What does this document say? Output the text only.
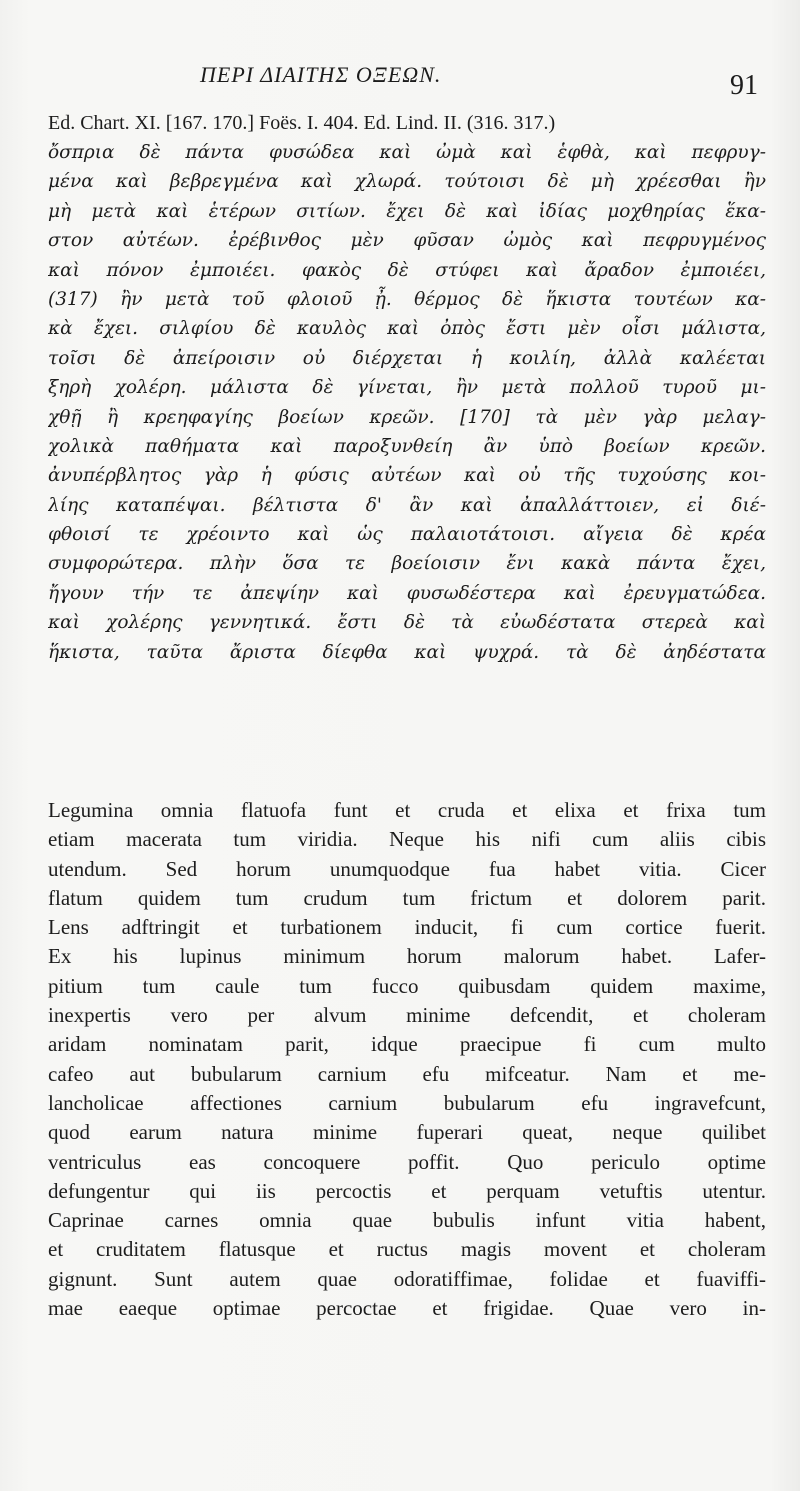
ΠΕΡΙ ΔΙΑΙΤΗΣ ΟΞΕΩΝ.	91
Ed. Chart. XI. [167. 170.] Foës. I. 404. Ed. Lind. II. (316. 317.)
ὄσπρια δὲ πάντα φυσώδεα καὶ ὠμὰ καὶ ἑφθὰ, καὶ πεφρυγ-
μένα καὶ βεβρεγμένα καὶ χλωρά. τούτοισι δὲ μὴ χρέεσθαι ἢν
μὴ μετὰ καὶ ἑτέρων σιτίων. ἔχει δὲ καὶ ἰδίας μοχθηρίας ἕκα-
στον αὐτέων. ἐρέβινθος μὲν φῦσαν ὠμὸς καὶ πεφρυγμένος
καὶ πόνον ἐμποιέει. φακὸς δὲ στύφει καὶ ἄραδον ἐμποιέει,
(317) ἢν μετὰ τοῦ φλοιοῦ ᾖ. θέρμος δὲ ἥκιστα τουτέων κα-
κὰ ἔχει. σιλφίου δὲ καυλὸς καὶ ὀπὸς ἔστι μὲν οἷσι μάλιστα,
τοῖσι δὲ ἀπείροισιν οὐ διέρχεται ἡ κοιλίη, ἀλλὰ καλέεται
ξηρὴ χολέρη. μάλιστα δὲ γίνεται, ἢν μετὰ πολλοῦ τυροῦ μι-
χθῇ ἢ κρεηφαγίης βοείων κρεῶν. [170] τὰ μὲν γὰρ μελαγ-
χολικὰ παθήματα καὶ παροξυνθείη ἂν ὑπὸ βοείων κρεῶν.
ἀνυπέρβλητος γὰρ ἡ φύσις αὐτέων καὶ οὐ τῆς τυχούσης κοι-
λίης καταπέψαι. βέλτιστα δ' ἂν καὶ ἀπαλλάττοιεν, εἰ διέ-
φθοισί τε χρέοιντο καὶ ὡς παλαιοτάτοισι. αἴγεια δὲ κρέα
συμφορώτερα. πλὴν ὅσα τε βοείοισιν ἔνι κακὰ πάντα ἔχει,
ἤγουν τήν τε ἀπεψίην καὶ φυσωδέστερα καὶ ἐρευγματώδεα.
καὶ χολέρης γεννητικά. ἔστι δὲ τὰ εὐωδέστατα στερεὰ καὶ
ἥκιστα, ταῦτα ἄριστα δίεφθα καὶ ψυχρά. τὰ δὲ ἀηδέστατα
Legumina omnia flatuofa funt et cruda et elixa et frixa tum
etiam macerata tum viridia. Neque his nifi cum aliis cibis
utendum. Sed horum unumquodque fua habet vitia. Cicer
flatum quidem tum crudum tum frictum et dolorem parit.
Lens adftringit et turbationem inducit, fi cum cortice fuerit.
Ex his lupinus minimum horum malorum habet. Lafer-
pitium tum caule tum fucco quibusdam quidem maxime,
inexpertis vero per alvum minime defcendit, et choleram
aridam nominatam parit, idque praecipue fi cum multo
cafeo aut bubularum carnium efu mifceatur. Nam et me-
lancholicae affectiones carnium bubularum efu ingravefcunt,
quod earum natura minime fuperari queat, neque quilibet
ventriculus eas concoquere poffit. Quo periculo optime
defungentur qui iis percoctis et perquam vetuftis utentur.
Caprinae carnes omnia quae bubulis infunt vitia habent,
et cruditatem flatusque et ructus magis movent et choleram
gignunt. Sunt autem quae odoratiffimae, folidae et fuaviffi-
mae eaeque optimae percoctae et frigidae. Quae vero in-
